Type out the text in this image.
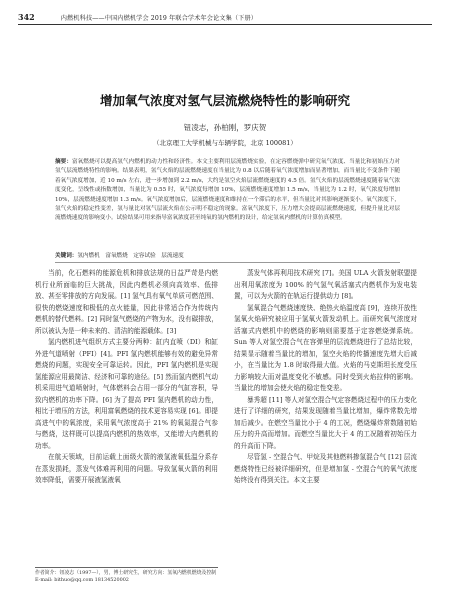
342	内燃机科技——中国内燃机学会 2019 年联合学术年会论文集（下册）
增加氧气浓度对氢气层流燃烧特性的影响研究
钮凌志，孙柏刚，罗庆贺
（北京理工大学机械与车辆学院，北京 100081）
摘要：富氧燃烧可以提高氢气内燃机的动力性和经济性。本文主要利用层流燃烧实验，在定容燃烧弹中研究氧气浓度、当量比和初始压力对氢气层流燃烧特性的影响。结果表明，氢气火焰的层流燃烧速度在当量比为 0.8 以后随着氧气浓度增加而显著增加，而当量比不变条件下随着氧气浓度增加，近 10 m/s 左右，进一步增加到 2.2 m/s，大约是氢空火焰层流燃烧速度的 4.5 倍。氢气火焰的层流燃烧速度随着氧气浓度变化，呈线性或指数增加，当量比为 0.55 时，氧气浓度每增加 10%，层流燃烧速度增加 1.5 m/s，当量比为 1.2 时，氧气浓度每增加 10%，层流燃烧速度增加 1.3 m/s。氧气浓度增加后，层流燃烧速度和维持在一个滞后的水平，但当量比对其影响逐渐变小。氧气浓度下，氢气火焰的稳定性变差，氢与量比对氢气层流火焰在公示明不稳定的现象。富氧气浓度下，压力增大会提高层流燃烧速度，但提升量比对层流燃烧速度的影响变小。试验结果可用来指导富氧浓度甚至纯氧的氢内燃机的设计，给定氢氧内燃机的计算仿真模型。
关键词：氢内燃机　富氧燃烧　定容试验　层流速度

当前，化石燃料的能源危机和排放法规的日益严苛是内燃机行业所面临的巨大挑战，因此内燃机必须向高效率、低排放、甚至零排放的方向发展。[1] 氢气具有氧气单质可燃范围、很快的燃烧速度和极低的点火能量，因此非常适合作为传统内燃机的替代燃料。[2] 同时氢气燃烧的产物为水，没有碳排放，所以被认为是一种未来的、清洁的能源载体。[3]

氢内燃机进气组织方式主要分两种：缸内直喷（DI）和缸外进气道喷射（PFI）[4]。PFI 氢内燃机能够有效的避免异常燃烧的问题，实现安全可靠运转。因此，PFI 氢内燃机是实现氢能源应用最简洁、经济和可靠的途径。[5] 然而氢内燃机气动机采用进气道喷射时，气体燃料会占用一部分的气缸容积，导致内燃机的功率下降。[6] 为了提高 PFI 氢内燃机的动力性，相比于增压的方法，利用富氧燃烧的技术更容易实现 [6]。即提高进气中的氧浓度，采用氧气浓度高于 21% 的氧氮混合气参与燃烧，这样既可以提高内燃机的热效率，又能增大内燃机的功率。

在航天领域，目前运载上面级火箭的液氢液氧低温分系存在蒸发损耗，蒸发气体难再利用的问题。导致氢氧火箭的利用效率降低，需要开展液氢液氧

蒸发气体再利用技术研究 [7]。美国 ULA 火箭发射联盟提出利用氧浓度为 100% 的气氢气氧活塞式内燃机作为发电装置，可以为火箭的在轨运行提供动力 [8]。

氢氧混合气燃烧速度快、绝热火焰温度高 [9]，连续开放性氢氧火焰研究被应用于氢氧火箭发动机上。而研究氧气浓度对活塞式内燃机中的燃烧的影响则需要基于定容燃烧弹系统。Sun 等人对氢空混合气在容弹里的层流燃烧进行了总结比较，结果显示随着当量比的增加，氢空火焰的传播速度先增大后减小，在当量比为 1.8 时取得最大值。火焰的马克斯坦长度受压力影响较大而对温度变化不敏感。同时受到火焰拉伸的影响。当量比的增加会使火焰的稳定性变差。

暴秀超 [11] 等人对氢空混合气定容燃烧过程中的压力变化进行了详细的研究，结果发现随着当量比增加，爆炸常数先增加后减少。在燃空当量比小于 4 的工况，燃烧爆炸常数随初始压力的升高而增加。而燃空当量比大于 4 的工况随着初始压力的升高而下降。

尽管氢 - 空混合气、甲烷及其他燃料掺氢混合气 [12] 层流燃烧特性已经被详细研究，但是增加氢 - 空混合气的氧气浓度始终没有得到关注。本文主要

作者简介：钮凌志（1997—），男，博士研究生，研究方向：氢氧内燃机燃烧及控制 E-mail: bithuo@qq.com 18134520002
